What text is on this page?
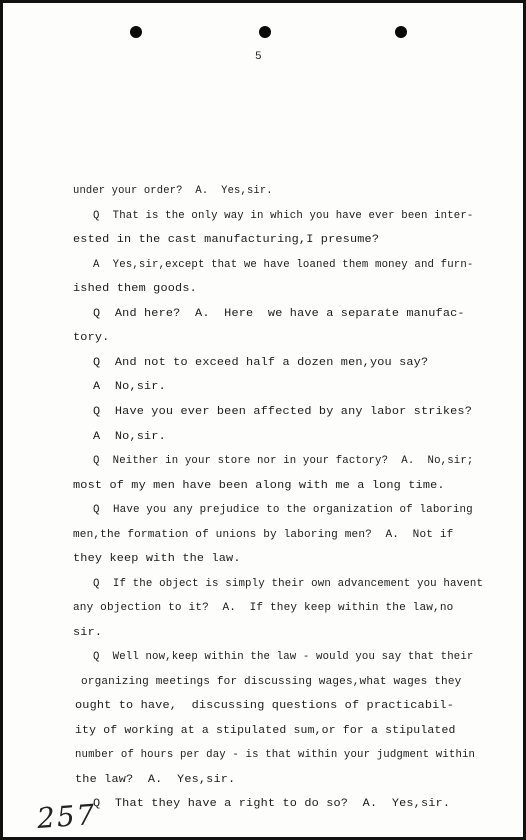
5
under your order?  A.  Yes,sir.
Q  That is the only way in which you have ever been inter-
ested in the cast manufacturing,I presume?
A  Yes,sir,except that we have loaned them money and furn-
ished them goods.
Q  And here?  A.  Here  we have a separate manufac-
tory.
Q  And not to exceed half a dozen men,you say?
A  No,sir.
Q  Have you ever been affected by any labor strikes?
A  No,sir.
Q  Neither in your store nor in your factory?  A.  No,sir;
most of my men have been along with me a long time.
Q  Have you any prejudice to the organization of laboring
men,the formation of unions by laboring men?  A.  Not if
they keep with the law.
Q  If the object is simply their own advancement you havent
any objection to it?  A.  If they keep within the law,no
sir.
Q  Well now,keep within the law - would you say that their
organizing meetings for discussing wages,what wages they
ought to have,  discussing questions of practicabil-
ity of working at a stipulated sum,or for a stipulated
number of hours per day - is that within your judgment within
the law?  A.  Yes,sir.
Q  That they have a right to do so?  A.  Yes,sir.
257
